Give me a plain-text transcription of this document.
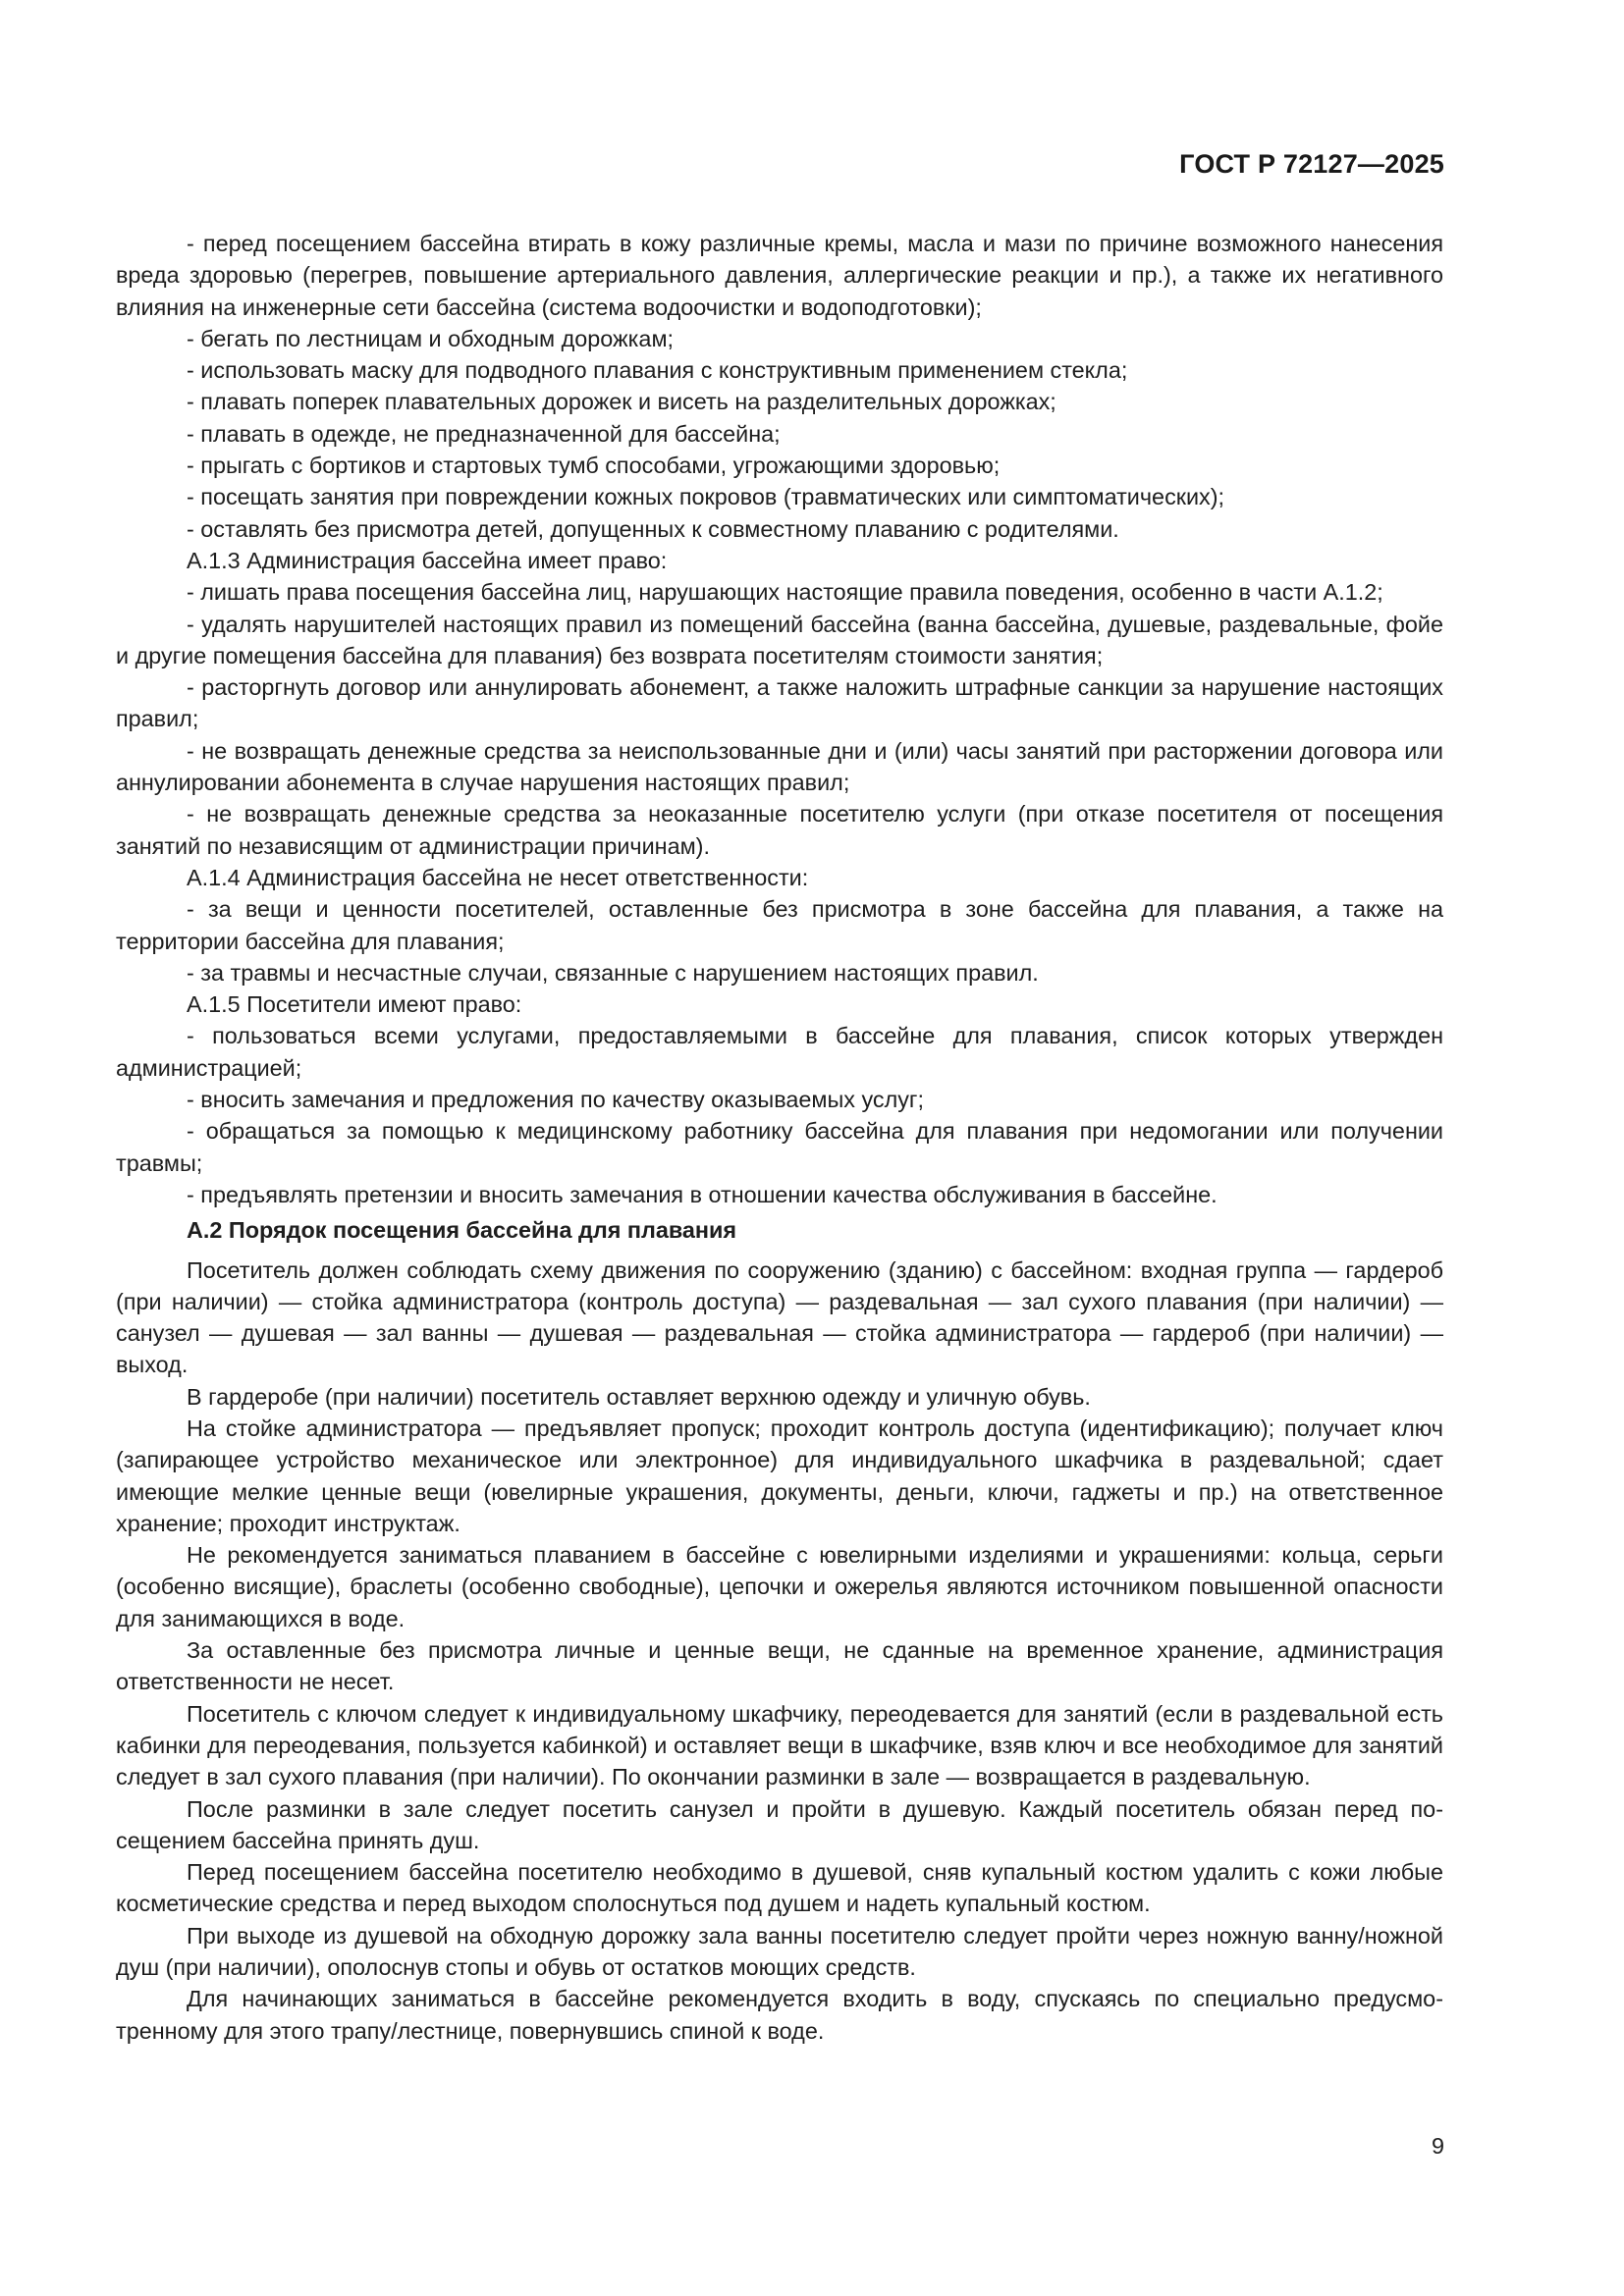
ГОСТ Р 72127—2025

- перед посещением бассейна втирать в кожу различные кремы, масла и мази по причине возможного нанесения вреда здоровью (перегрев, повышение артериального давления, аллергические реакции и пр.), а также их негативного влияния на инженерные сети бассейна (система водоочистки и водоподготовки);

- бегать по лестницам и обходным дорожкам;

- использовать маску для подводного плавания с конструктивным применением стекла;

- плавать поперек плавательных дорожек и висеть на разделительных дорожках;

- плавать в одежде, не предназначенной для бассейна;

- прыгать с бортиков и стартовых тумб способами, угрожающими здоровью;

- посещать занятия при повреждении кожных покровов (травматических или симптоматических);

- оставлять без присмотра детей, допущенных к совместному плаванию с родителями.

А.1.3 Администрация бассейна имеет право:

- лишать права посещения бассейна лиц, нарушающих настоящие правила поведения, особенно в части А.1.2;

- удалять нарушителей настоящих правил из помещений бассейна (ванна бассейна, душевые, раздевальные, фойе и другие помещения бассейна для плавания) без возврата посетителям стоимости занятия;

- расторгнуть договор или аннулировать абонемент, а также наложить штрафные санкции за нарушение настоящих правил;

- не возвращать денежные средства за неиспользованные дни и (или) часы занятий при расторжении договора или аннулировании абонемента в случае нарушения настоящих правил;

- не возвращать денежные средства за неоказанные посетителю услуги (при отказе посетителя от посещения занятий по независящим от администрации причинам).

А.1.4 Администрация бассейна не несет ответственности:

- за вещи и ценности посетителей, оставленные без присмотра в зоне бассейна для плавания, а также на территории бассейна для плавания;

- за травмы и несчастные случаи, связанные с нарушением настоящих правил.

А.1.5 Посетители имеют право:

- пользоваться всеми услугами, предоставляемыми в бассейне для плавания, список которых утвержден администрацией;

- вносить замечания и предложения по качеству оказываемых услуг;

- обращаться за помощью к медицинскому работнику бассейна для плавания при недомогании или получении травмы;

- предъявлять претензии и вносить замечания в отношении качества обслуживания в бассейне.

А.2 Порядок посещения бассейна для плавания

Посетитель должен соблюдать схему движения по сооружению (зданию) с бассейном: входная группа — гардероб (при наличии) — стойка администратора (контроль доступа) — раздевальная — зал сухого плавания (при наличии) — санузел — душевая — зал ванны — душевая — раздевальная — стойка администратора — гардероб (при наличии) — выход.

В гардеробе (при наличии) посетитель оставляет верхнюю одежду и уличную обувь.

На стойке администратора — предъявляет пропуск; проходит контроль доступа (идентификацию); получает ключ (запирающее устройство механическое или электронное) для индивидуального шкафчика в раздевальной; сдает имеющие мелкие ценные вещи (ювелирные украшения, документы, деньги, ключи, гаджеты и пр.) на ответственное хранение; проходит инструктаж.

Не рекомендуется заниматься плаванием в бассейне с ювелирными изделиями и украшениями: кольца, серьги (особенно висящие), браслеты (особенно свободные), цепочки и ожерелья являются источником повышенной опасности для занимающихся в воде.

За оставленные без присмотра личные и ценные вещи, не сданные на временное хранение, администрация ответственности не несет.

Посетитель с ключом следует к индивидуальному шкафчику, переодевается для занятий (если в раздевальной есть кабинки для переодевания, пользуется кабинкой) и оставляет вещи в шкафчике, взяв ключ и все необходимое для занятий следует в зал сухого плавания (при наличии). По окончании разминки в зале — возвращается в раздевальную.

После разминки в зале следует посетить санузел и пройти в душевую. Каждый посетитель обязан перед посещением бассейна принять душ.

Перед посещением бассейна посетителю необходимо в душевой, сняв купальный костюм удалить с кожи любые косметические средства и перед выходом сполоснуться под душем и надеть купальный костюм.

При выходе из душевой на обходную дорожку зала ванны посетителю следует пройти через ножную ванну/ножной душ (при наличии), ополоснув стопы и обувь от остатков моющих средств.

Для начинающих заниматься в бассейне рекомендуется входить в воду, спускаясь по специально предусмотренному для этого трапу/лестнице, повернувшись спиной к воде.

9
